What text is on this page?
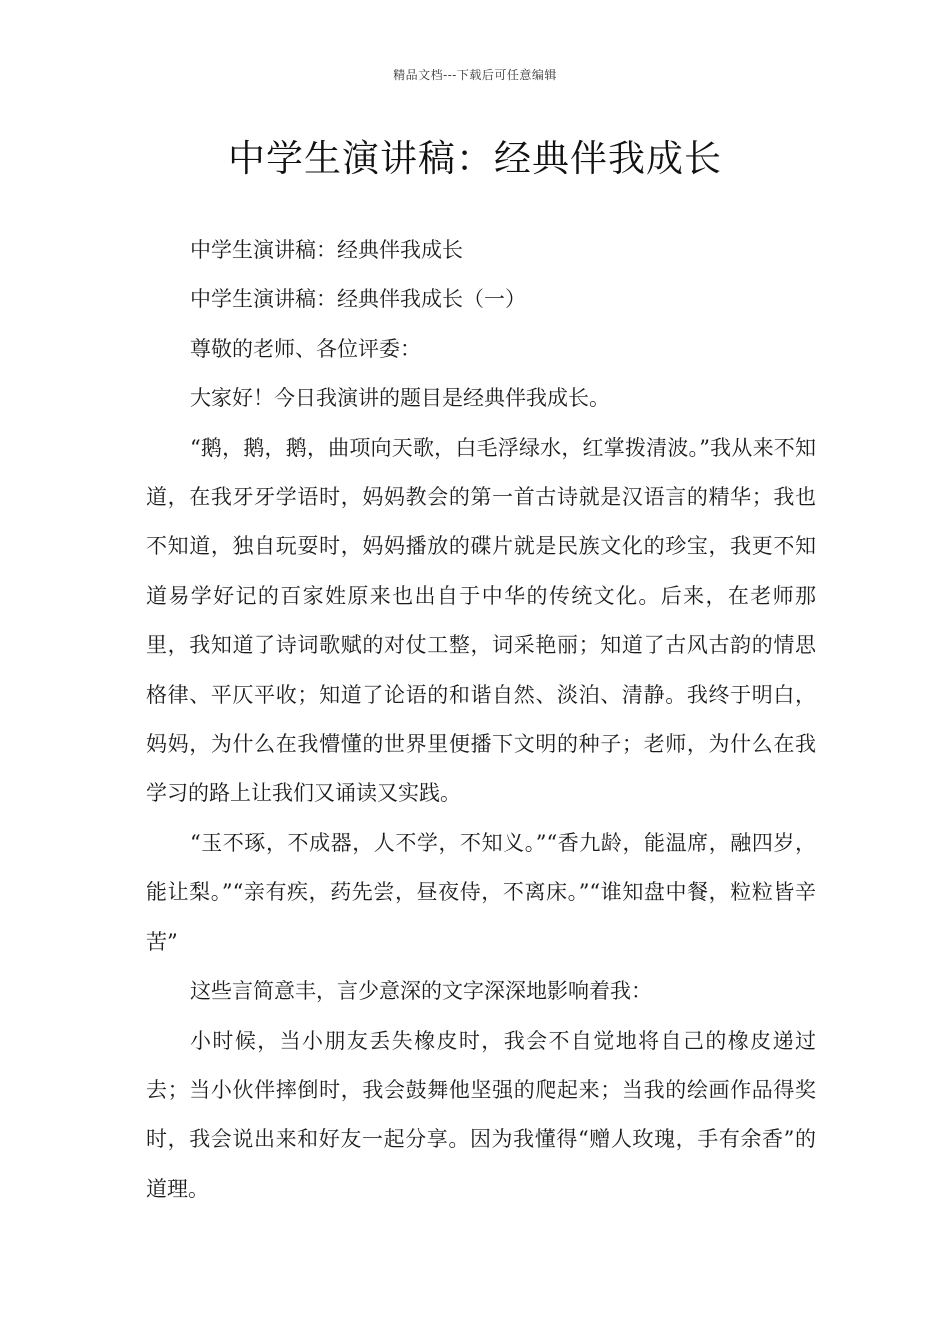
精品文档---下载后可任意编辑
中学生演讲稿：经典伴我成长

中学生演讲稿：经典伴我成长

中学生演讲稿：经典伴我成长（一）

尊敬的老师、各位评委：

大家好！今日我演讲的题目是经典伴我成长。

“鹅，鹅，鹅，曲项向天歌，白毛浮绿水，红掌拨清波。”我从来不知道，在我牙牙学语时，妈妈教会的第一首古诗就是汉语言的精华；我也不知道，独自玩耍时，妈妈播放的碟片就是民族文化的珍宝，我更不知道易学好记的百家姓原来也出自于中华的传统文化。后来，在老师那里，我知道了诗词歌赋的对仗工整，词采艳丽；知道了古风古韵的情思格律、平仄平收；知道了论语的和谐自然、淡泊、清静。我终于明白，妈妈，为什么在我懵懂的世界里便播下文明的种子；老师，为什么在我学习的路上让我们又诵读又实践。

“玉不琢，不成器，人不学，不知义。”“香九龄，能温席，融四岁，能让梨。”“亲有疾，药先尝，昼夜侍，不离床。”“谁知盘中餐，粒粒皆辛苦”

这些言简意丰，言少意深的文字深深地影响着我：

小时候，当小朋友丢失橡皮时，我会不自觉地将自己的橡皮递过去；当小伙伴摔倒时，我会鼓舞他坚强的爬起来；当我的绘画作品得奖时，我会说出来和好友一起分享。因为我懂得“赠人玫瑰，手有余香”的道理。
